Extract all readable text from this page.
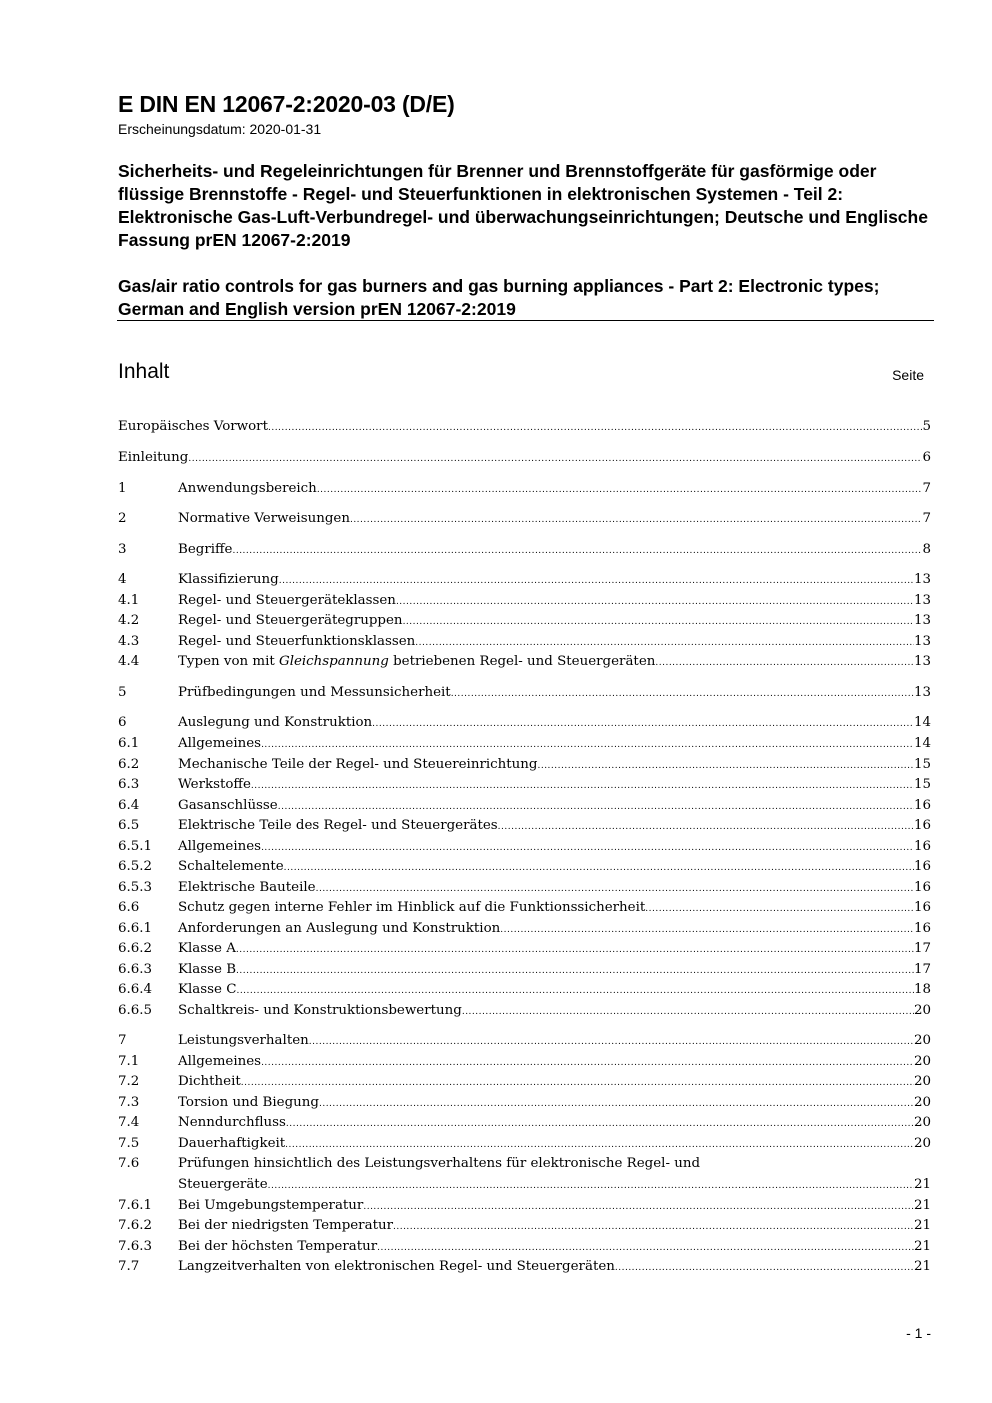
E DIN EN 12067-2:2020-03 (D/E)
Erscheinungsdatum: 2020-01-31
Sicherheits- und Regeleinrichtungen für Brenner und Brennstoffgeräte für gasförmige oder flüssige Brennstoffe - Regel- und Steuerfunktionen in elektronischen Systemen - Teil 2: Elektronische Gas-Luft-Verbundregel- und überwachungseinrichtungen; Deutsche und Englische Fassung prEN 12067-2:2019
Gas/air ratio controls for gas burners and gas burning appliances - Part 2: Electronic types; German and English version prEN 12067-2:2019
Inhalt	Seite
Europäisches Vorwort .....	5
Einleitung .....	6
1	Anwendungsbereich .....	7
2	Normative Verweisungen .....	7
3	Begriffe .....	8
4	Klassifizierung .....	13
4.1	Regel- und Steuergeräteklassen .....	13
4.2	Regel- und Steuergerätegruppen .....	13
4.3	Regel- und Steuerfunktionsklassen .....	13
4.4	Typen von mit Gleichspannung betriebenen Regel- und Steuergeräten .....	13
5	Prüfbedingungen und Messunsicherheit .....	13
6	Auslegung und Konstruktion .....	14
6.1	Allgemeines .....	14
6.2	Mechanische Teile der Regel- und Steuereinrichtung .....	15
6.3	Werkstoffe .....	15
6.4	Gasanschlüsse .....	16
6.5	Elektrische Teile des Regel- und Steuergerätes .....	16
6.5.1 Allgemeines .....	16
6.5.2 Schaltelemente .....	16
6.5.3 Elektrische Bauteile .....	16
6.6	Schutz gegen interne Fehler im Hinblick auf die Funktionssicherheit .....	16
6.6.1 Anforderungen an Auslegung und Konstruktion .....	16
6.6.2 Klasse A .....	17
6.6.3 Klasse B .....	17
6.6.4 Klasse C .....	18
6.6.5 Schaltkreis- und Konstruktionsbewertung .....	20
7	Leistungsverhalten .....	20
7.1	Allgemeines .....	20
7.2	Dichtheit .....	20
7.3	Torsion und Biegung .....	20
7.4	Nenndurchfluss .....	20
7.5	Dauerhaftigkeit .....	20
7.6	Prüfungen hinsichtlich des Leistungsverhaltens für elektronische Regel- und
Steuergeräte .....	21
7.6.1 Bei Umgebungstemperatur .....	21
7.6.2 Bei der niedrigsten Temperatur .....	21
7.6.3 Bei der höchsten Temperatur .....	21
7.7	Langzeitverhalten von elektronischen Regel- und Steuergeräten .....	21
- 1 -
